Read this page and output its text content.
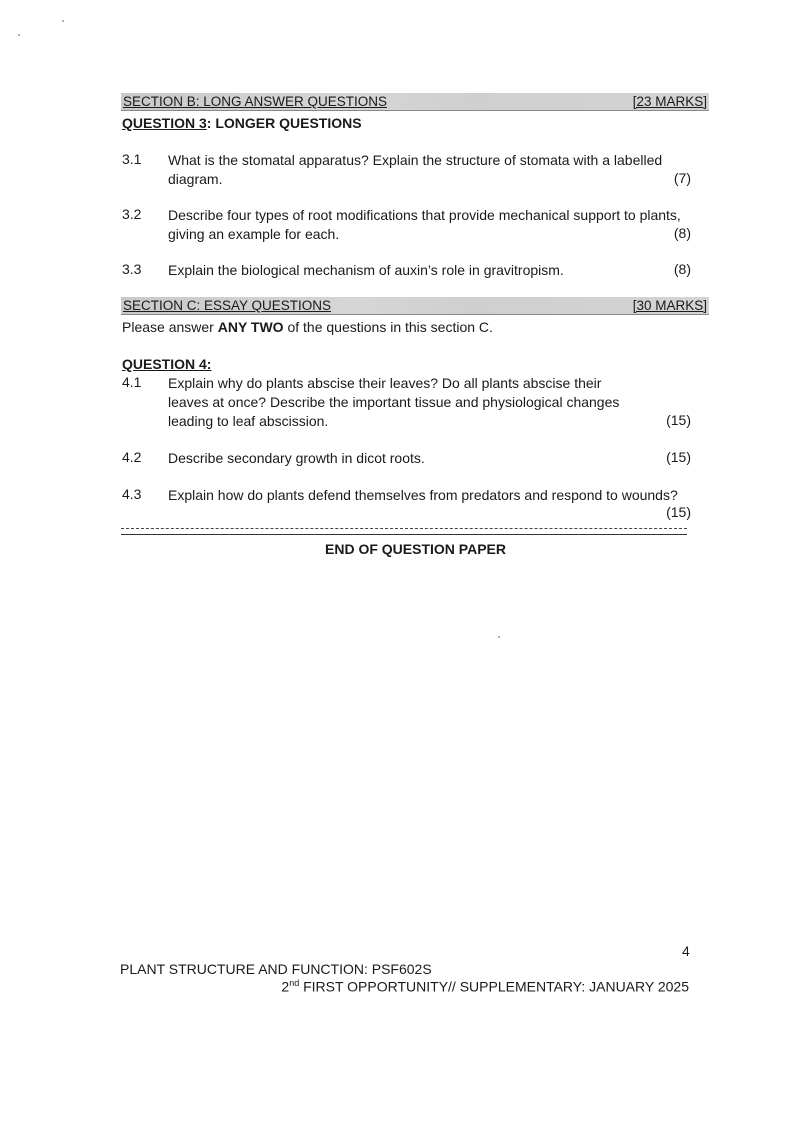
SECTION B: LONG ANSWER QUESTIONS	[23 MARKS]
QUESTION 3: LONGER QUESTIONS
3.1 What is the stomatal apparatus? Explain the structure of stomata with a labelled
diagram.	(7)
3.2 Describe four types of root modifications that provide mechanical support to plants,
giving an example for each.	(8)
3.3 Explain the biological mechanism of auxin’s role in gravitropism.	(8)
SECTION C: ESSAY QUESTIONS	[30 MARKS]
Please answer ANY TWO of the questions in this section C.
QUESTION 4:
4.1 Explain why do plants abscise their leaves? Do all plants abscise their
leaves at once? Describe the important tissue and physiological changes
leading to leaf abscission.	(15)
4.2 Describe secondary growth in dicot roots.	(15)
4.3 Explain how do plants defend themselves from predators and respond to wounds?
(15)
END OF QUESTION PAPER
4
PLANT STRUCTURE AND FUNCTION: PSF602S
2nd FIRST OPPORTUNITY// SUPPLEMENTARY: JANUARY 2025
